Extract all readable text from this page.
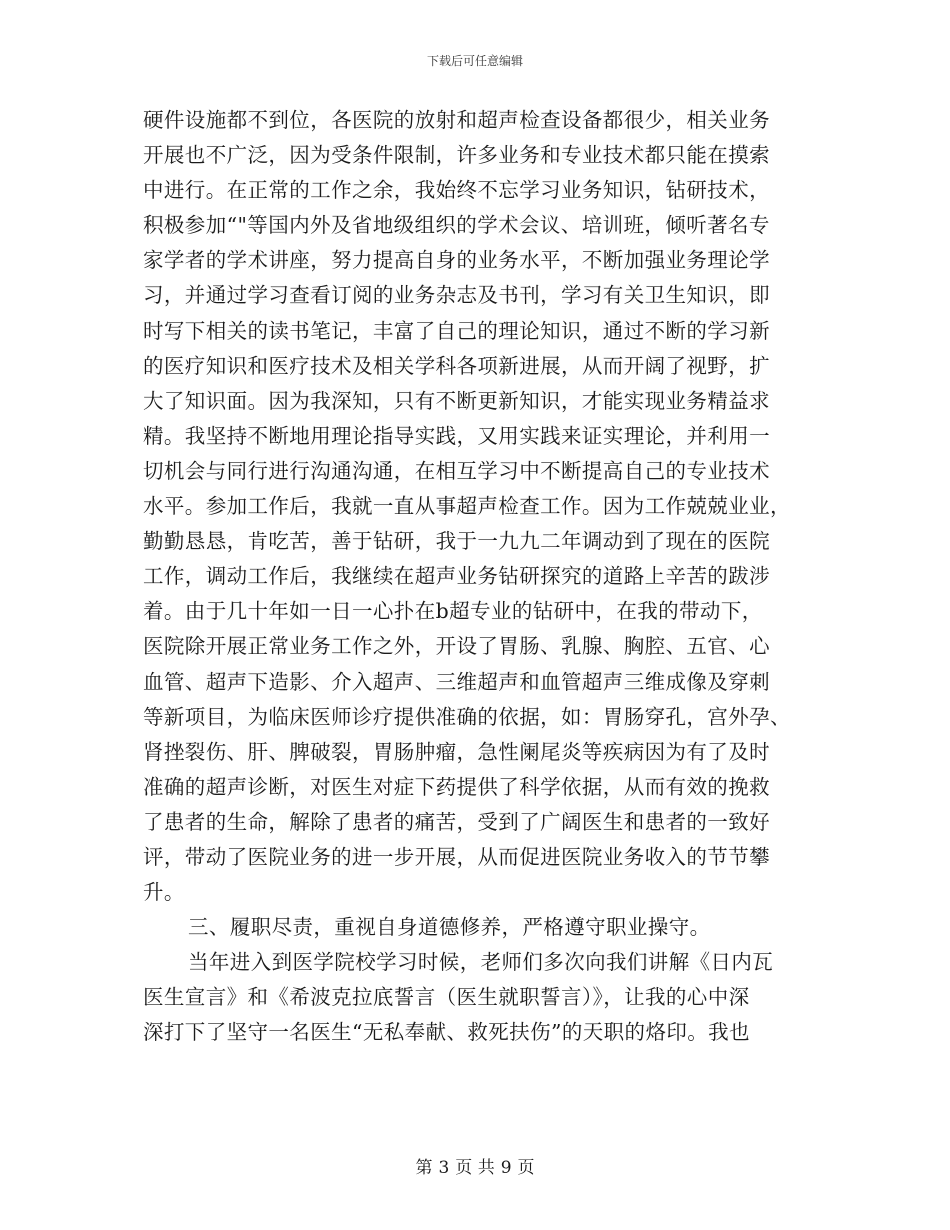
下载后可任意编辑
硬件设施都不到位，各医院的放射和超声检查设备都很少，相关业务
开展也不广泛，因为受条件限制，许多业务和专业技术都只能在摸索
中进行。在正常的工作之余，我始终不忘学习业务知识，钻研技术，
积极参加“"等国内外及省地级组织的学术会议、培训班，倾听著名专
家学者的学术讲座，努力提高自身的业务水平，不断加强业务理论学
习，并通过学习查看订阅的业务杂志及书刊，学习有关卫生知识，即
时写下相关的读书笔记，丰富了自己的理论知识，通过不断的学习新
的医疗知识和医疗技术及相关学科各项新进展，从而开阔了视野，扩
大了知识面。因为我深知，只有不断更新知识，才能实现业务精益求
精。我坚持不断地用理论指导实践，又用实践来证实理论，并利用一
切机会与同行进行沟通沟通，在相互学习中不断提高自己的专业技术
水平。参加工作后，我就一直从事超声检查工作。因为工作兢兢业业，
勤勤恳恳，肯吃苦，善于钻研，我于一九九二年调动到了现在的医院
工作，调动工作后，我继续在超声业务钻研探究的道路上辛苦的跋涉
着。由于几十年如一日一心扑在b超专业的钻研中，在我的带动下，
医院除开展正常业务工作之外，开设了胃肠、乳腺、胸腔、五官、心
血管、超声下造影、介入超声、三维超声和血管超声三维成像及穿刺
等新项目，为临床医师诊疗提供准确的依据，如：胃肠穿孔，宫外孕、
肾挫裂伤、肝、脾破裂，胃肠肿瘤，急性阑尾炎等疾病因为有了及时
准确的超声诊断，对医生对症下药提供了科学依据，从而有效的挽救
了患者的生命，解除了患者的痛苦，受到了广阔医生和患者的一致好
评，带动了医院业务的进一步开展，从而促进医院业务收入的节节攀
升。
三、履职尽责，重视自身道德修养，严格遵守职业操守。
当年进入到医学院校学习时候，老师们多次向我们讲解《日内瓦
医生宣言》和《希波克拉底誓言（医生就职誓言）》，让我的心中深
深打下了坚守一名医生“无私奉献、救死扶伤”的天职的烙印。我也
第 3 页 共 9 页
